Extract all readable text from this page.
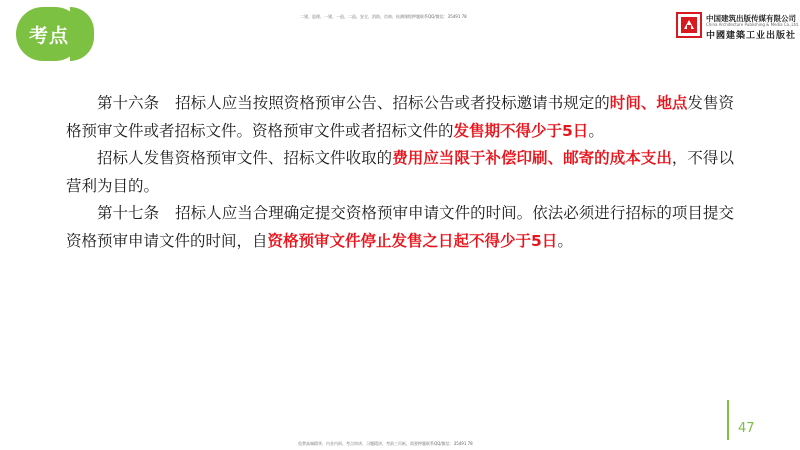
考点
二建、监理、一建、一造、二造、安全、消防、咨询、检测课程押题联系QQ/微信：35491 78	中国建筑出版传媒有限公司
China Architecture Publishing & Media Co.,Ltd.
中國建築工业出版社

第十六条 招标人应当按照资格预审公告、招标公告或者投标邀请书规定的时间、地点发售资格预审文件或者招标文件。资格预审文件或者招标文件的发售期不得少于5日。

招标人发售资格预审文件、招标文件收取的费用应当限于补偿印刷、邮寄的成本支出，不得以营利为目的。

第十七条 招标人应当合理确定提交资格预审申请文件的时间。依法必须进行招标的项目提交资格预审申请文件的时间，自资格预审文件停止发售之日起不得少于5日。

47
免费高端精华、内业内训、考点串讲、习题精讲、考前三页纸，需要押题联系QQ/微信：35491 78
